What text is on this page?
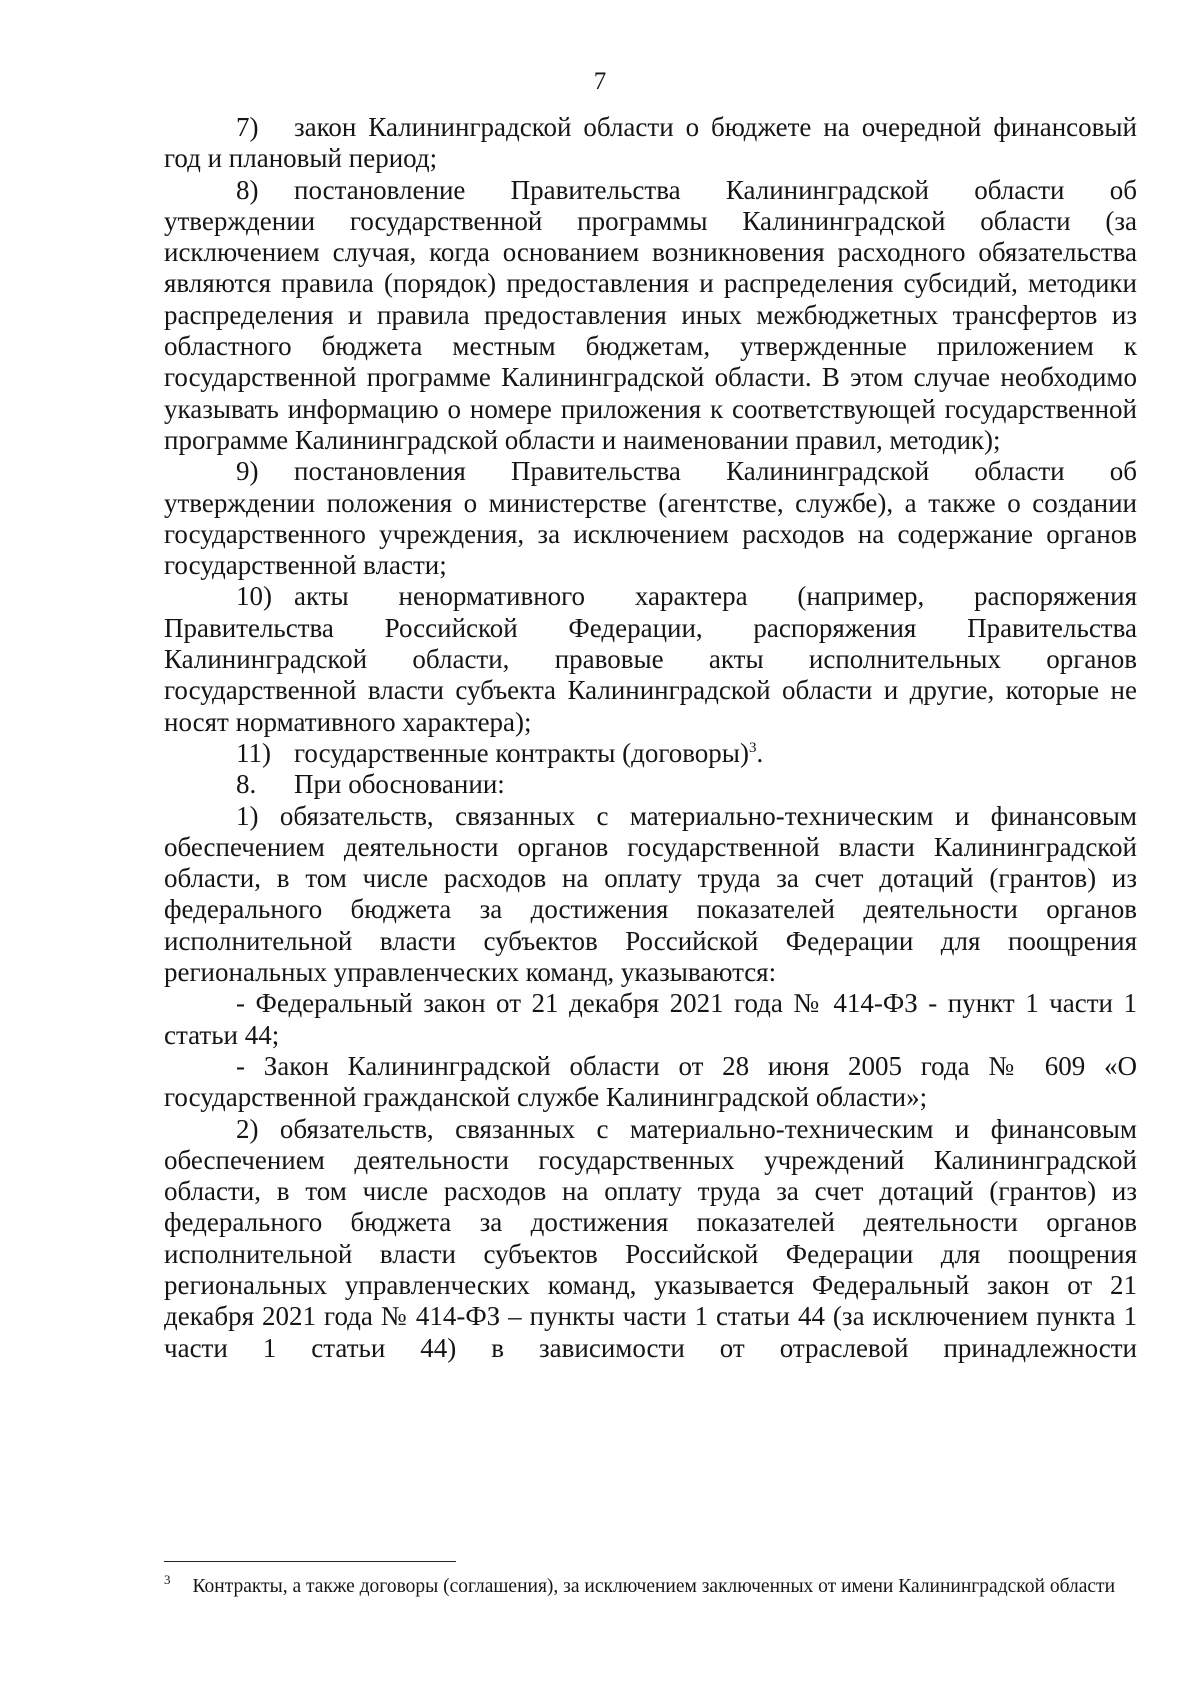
7

7) закон Калининградской области о бюджете на очередной финансовый год и плановый период;

8) постановление Правительства Калининградской области об утверждении государственной программы Калининградской области (за исключением случая, когда основанием возникновения расходного обязательства являются правила (порядок) предоставления и распределения субсидий, методики распределения и правила предоставления иных межбюджетных трансфертов из областного бюджета местным бюджетам, утвержденные приложением к государственной программе Калининградской области. В этом случае необходимо указывать информацию о номере приложения к соответствующей государственной программе Калининградской области и наименовании правил, методик);

9) постановления Правительства Калининградской области об утверждении положения о министерстве (агентстве, службе), а также о создании государственного учреждения, за исключением расходов на содержание органов государственной власти;

10) акты ненормативного характера (например, распоряжения Правительства Российской Федерации, распоряжения Правительства Калининградской области, правовые акты исполнительных органов государственной власти субъекта Калининградской области и другие, которые не носят нормативного характера);

11) государственные контракты (договоры)$^3$.

8. При обосновании:

1) обязательств, связанных с материально-техническим и финансовым обеспечением деятельности органов государственной власти Калининградской области, в том числе расходов на оплату труда за счет дотаций (грантов) из федерального бюджета за достижения показателей деятельности органов исполнительной власти субъектов Российской Федерации для поощрения региональных управленческих команд, указываются:

- Федеральный закон от 21 декабря 2021 года № 414-ФЗ - пункт 1 части 1 статьи 44;

- Закон Калининградской области от 28 июня 2005 года № 609 «О государственной гражданской службе Калининградской области»;

2) обязательств, связанных с материально-техническим и финансовым обеспечением деятельности государственных учреждений Калининградской области, в том числе расходов на оплату труда за счет дотаций (грантов) из федерального бюджета за достижения показателей деятельности органов исполнительной власти субъектов Российской Федерации для поощрения региональных управленческих команд, указывается Федеральный закон от 21 декабря 2021 года № 414-ФЗ – пункты части 1 статьи 44 (за исключением пункта 1 части 1 статьи 44) в зависимости от отраслевой принадлежности

$^3$ Контракты, а также договоры (соглашения), за исключением заключенных от имени Калининградской области
